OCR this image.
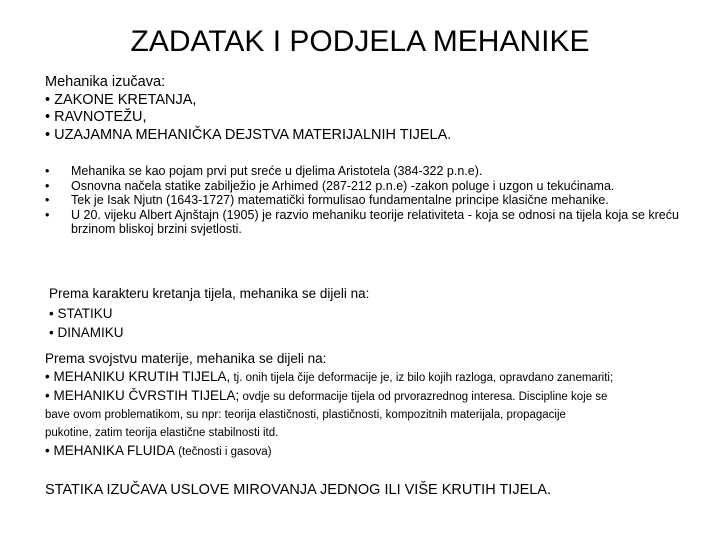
ZADATAK I PODJELA MEHANIKE
Mehanika izučava:
• ZAKONE KRETANJA,
• RAVNOTEŽU,
• UZAJAMNA MEHANIČKA DEJSTVA MATERIJALNIH TIJELA.
• Mehanika se kao pojam prvi put sreće u djelima Aristotela (384-322 p.n.e).
• Osnovna načela statike zabilježio je Arhimed (287-212 p.n.e) -zakon poluge i uzgon u tekućinama.
• Tek je Isak Njutn (1643-1727) matematički formulisao fundamentalne principe klasične mehanike.
• U 20. vijeku Albert Ajnštajn (1905) je razvio mehaniku teorije relativiteta - koja se odnosi na tijela koja se kreću brzinom bliskoj brzini svjetlosti.
Prema karakteru kretanja tijela, mehanika se dijeli na:
• STATIKU
• DINAMIKU
Prema svojstvu materije, mehanika se dijeli na:
• MEHANIKU KRUTIH TIJELA, tj. onih tijela čije deformacije je, iz bilo kojih razloga, opravdano zanemariti;
• MEHANIKU ČVRSTIH TIJELA; ovdje su deformacije tijela od prvorazrednog interesa. Discipline koje se
bave ovom problematikom, su npr: teorija elastičnosti, plastičnosti, kompozitnih materijala, propagacije
pukotine, zatim teorija elastične stabilnosti itd.
• MEHANIKA FLUIDA (tečnosti i gasova)
STATIKA IZUČAVA USLOVE MIROVANJA JEDNOG ILI VIŠE KRUTIH TIJELA.
